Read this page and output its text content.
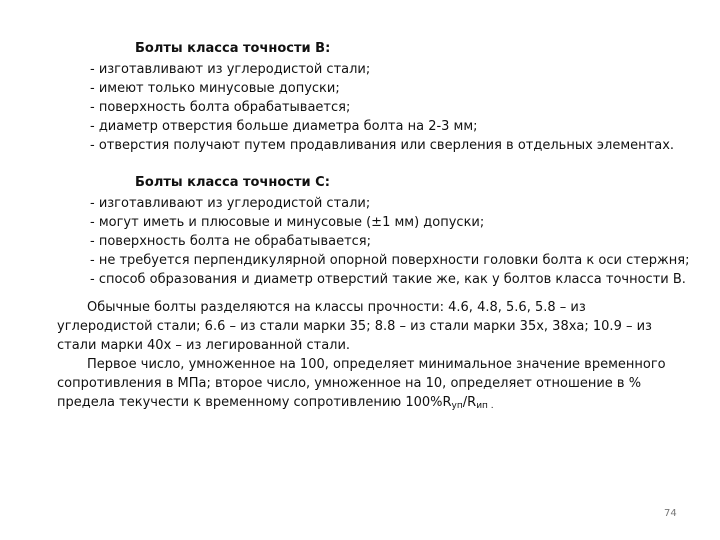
Болты класса точности В:
- изготавливают из углеродистой стали;
- имеют только минусовые допуски;
- поверхность болта обрабатывается;
- диаметр отверстия больше диаметра болта на 2-3 мм;
- отверстия получают путем продавливания или сверления в отдельных элементах.
Болты класса точности С:
- изготавливают из углеродистой стали;
- могут иметь и плюсовые и минусовые (±1 мм) допуски;
- поверхность болта не обрабатывается;
- не требуется перпендикулярной опорной поверхности головки болта к оси стержня;
- способ образования и диаметр отверстий такие же, как у болтов класса точности В.

Обычные болты разделяются на классы прочности: 4.6, 4.8, 5.6, 5.8 – из углеродистой стали; 6.6 – из стали марки 35; 8.8 – из стали марки 35х, 38ха; 10.9 – из стали марки 40х – из легированной стали.

Первое число, умноженное на 100, определяет минимальное значение временного сопротивления в МПа; второе число, умноженное на 10, определяет отношение в % предела текучести к временному сопротивлению $100\%R_{уп}/R_{ип}$ $_.$

74
